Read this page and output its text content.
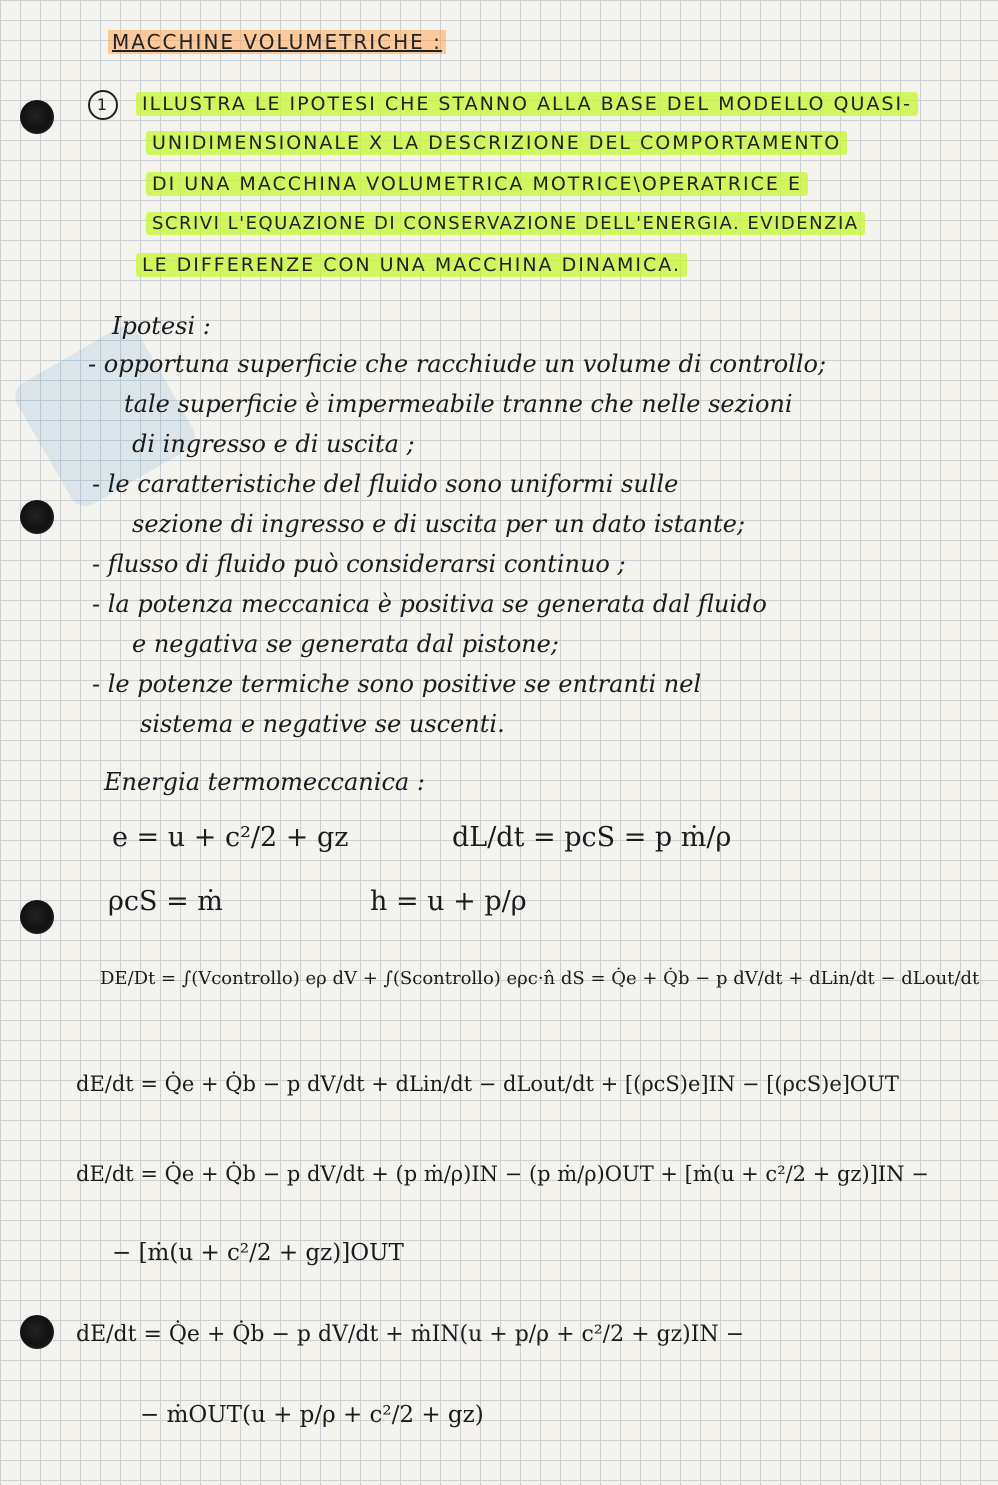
MACCHINE VOLUMETRICHE :
1 ILLUSTRA LE IPOTESI CHE STANNO ALLA BASE DEL MODELLO QUASI-
UNIDIMENSIONALE X LA DESCRIZIONE DEL COMPORTAMENTO
DI UNA MACCHINA VOLUMETRICA MOTRICE\OPERATRICE E
SCRIVI L'EQUAZIONE DI CONSERVAZIONE DELL'ENERGIA. EVIDENZIA
LE DIFFERENZE CON UNA MACCHINA DINAMICA.
Ipotesi :
- opportuna superficie che racchiude un volume di controllo;
tale superficie è impermeabile tranne che nelle sezioni
di ingresso e di uscita ;
- le caratteristiche del fluido sono uniformi sulle
sezione di ingresso e di uscita per un dato istante;
- flusso di fluido può considerarsi continuo ;
- la potenza meccanica è positiva se generata dal fluido
e negativa se generata dal pistone;
- le potenze termiche sono positive se entranti nel
sistema e negative se uscenti.
Energia termomeccanica :
e = u + c²/2 + gz	dL/dt = pcS = p ṁ/ρ
ρcS = ṁ	h = u + p/ρ
DE/Dt = ∫(Vcontrollo) eρ dV + ∫(Scontrollo) eρc·n̂ dS = Q̇e + Q̇b − p dV/dt + dLin/dt − dLout/dt
dE/dt = Q̇e + Q̇b − p dV/dt + dLin/dt − dLout/dt + [(ρcS)e]IN − [(ρcS)e]OUT
dE/dt = Q̇e + Q̇b − p dV/dt + (p ṁ/ρ)IN − (p ṁ/ρ)OUT + [ṁ(u + c²/2 + gz)]IN −
− [ṁ(u + c²/2 + gz)]OUT
dE/dt = Q̇e + Q̇b − p dV/dt + ṁIN(u + p/ρ + c²/2 + gz)IN −
− ṁOUT(u + p/ρ + c²/2 + gz)
